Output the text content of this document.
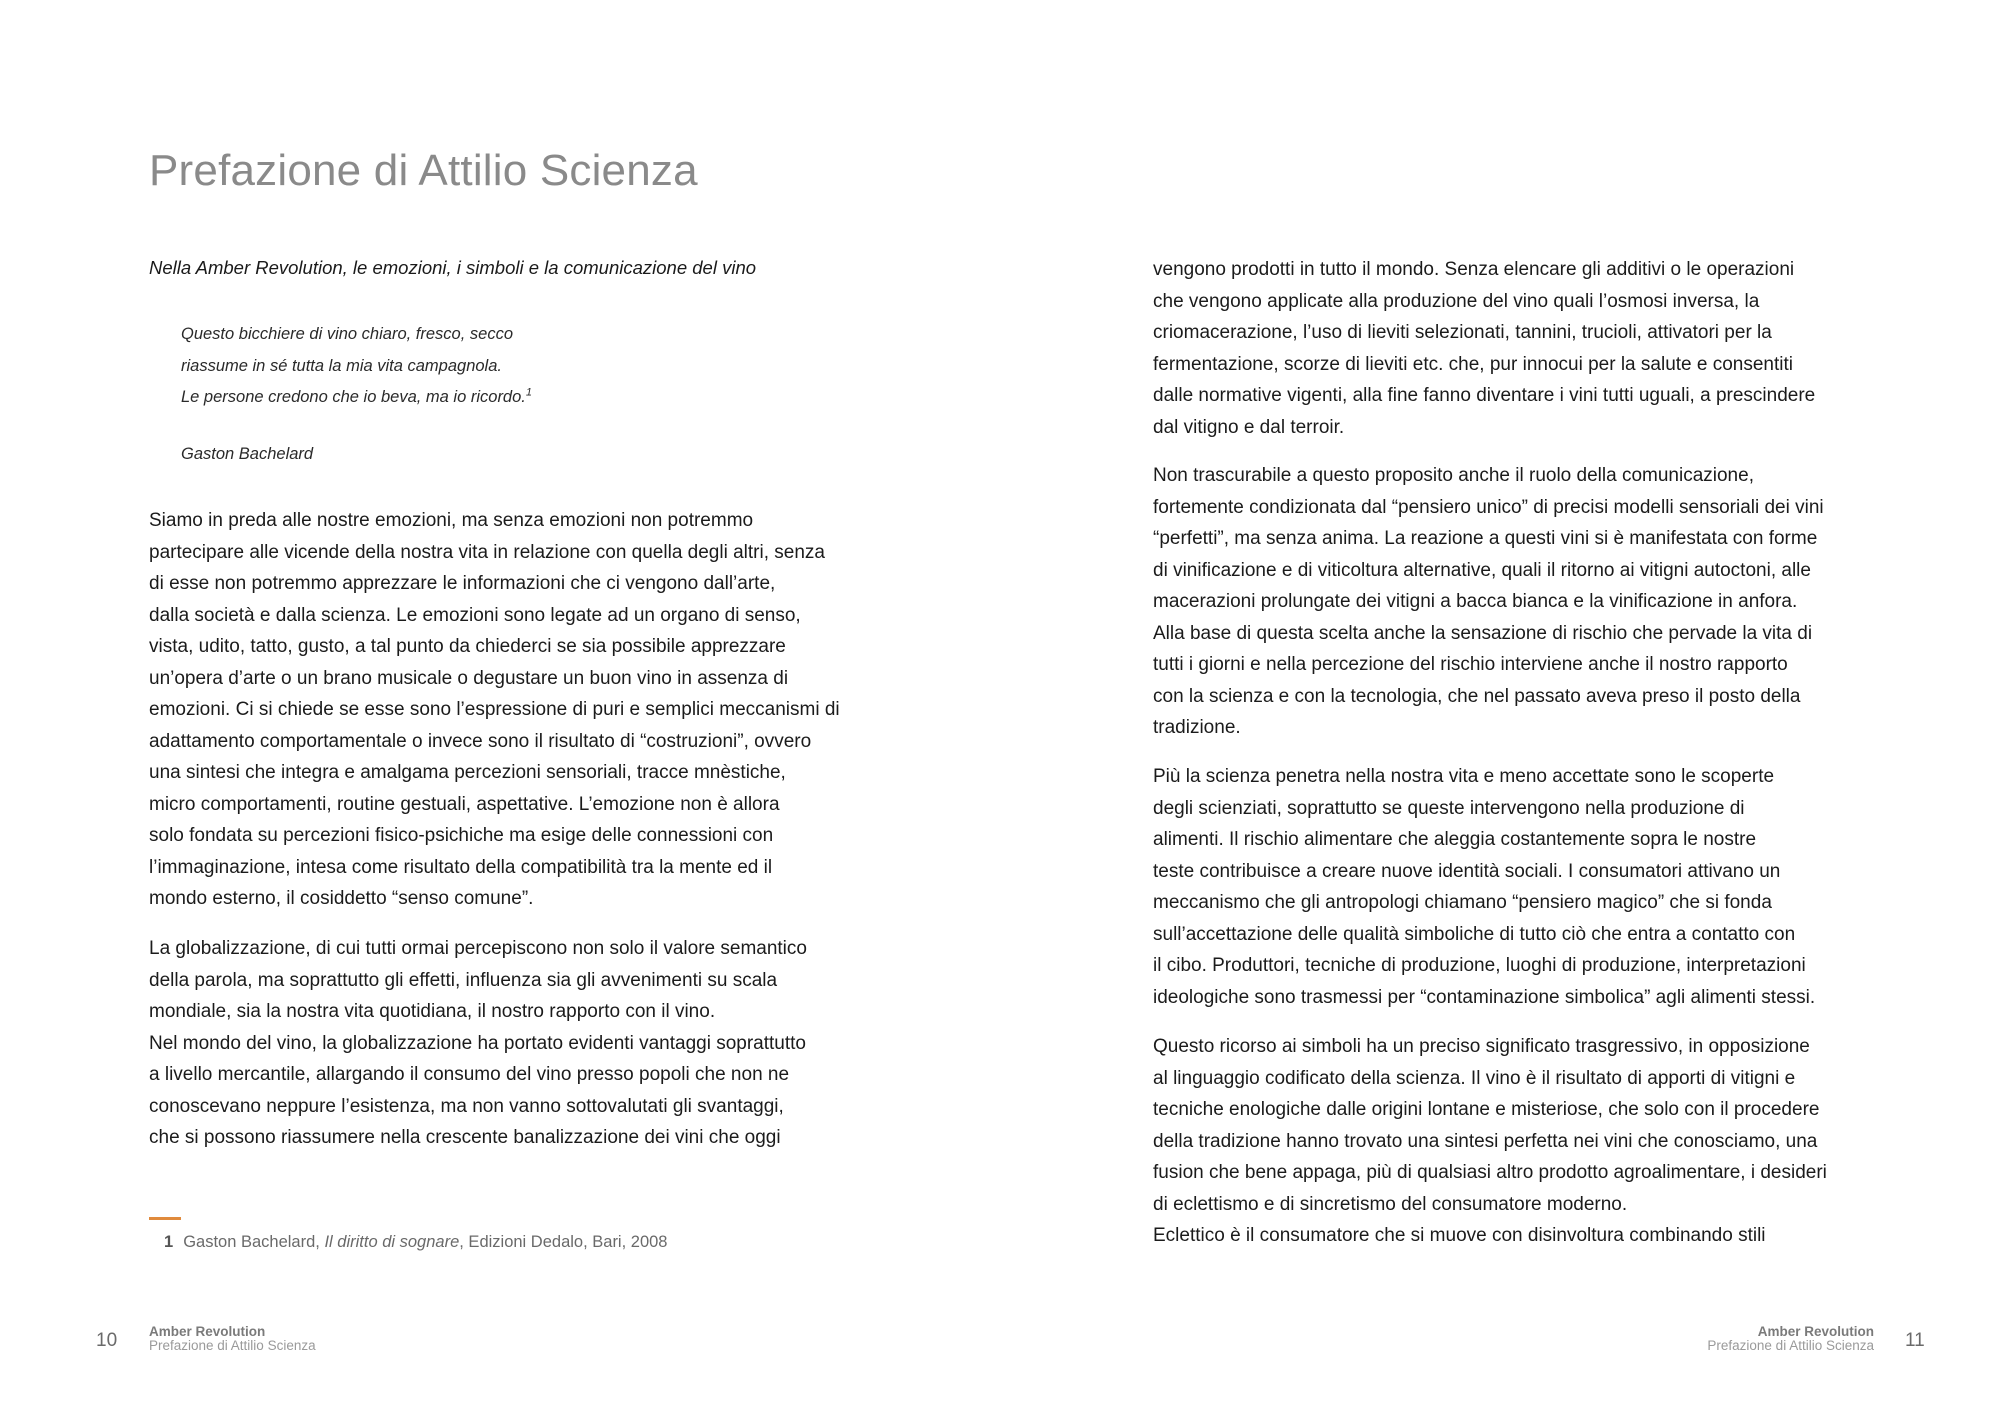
Prefazione di Attilio Scienza

Nella Amber Revolution, le emozioni, i simboli e la comunicazione del vino

Questo bicchiere di vino chiaro, fresco, secco
riassume in sé tutta la mia vita campagnola.
Le persone credono che io beva, ma io ricordo.$^1$

Gaston Bachelard

Siamo in preda alle nostre emozioni, ma senza emozioni non potremmo
partecipare alle vicende della nostra vita in relazione con quella degli altri, senza
di esse non potremmo apprezzare le informazioni che ci vengono dall’arte,
dalla società e dalla scienza. Le emozioni sono legate ad un organo di senso,
vista, udito, tatto, gusto, a tal punto da chiederci se sia possibile apprezzare
un’opera d’arte o un brano musicale o degustare un buon vino in assenza di
emozioni. Ci si chiede se esse sono l’espressione di puri e semplici meccanismi di
adattamento comportamentale o invece sono il risultato di “costruzioni”, ovvero
una sintesi che integra e amalgama percezioni sensoriali, tracce mnèstiche,
micro comportamenti, routine gestuali, aspettative. L’emozione non è allora
solo fondata su percezioni fisico-psichiche ma esige delle connessioni con
l’immaginazione, intesa come risultato della compatibilità tra la mente ed il
mondo esterno, il cosiddetto “senso comune”.
La globalizzazione, di cui tutti ormai percepiscono non solo il valore semantico
della parola, ma soprattutto gli effetti, influenza sia gli avvenimenti su scala
mondiale, sia la nostra vita quotidiana, il nostro rapporto con il vino.
Nel mondo del vino, la globalizzazione ha portato evidenti vantaggi soprattutto
a livello mercantile, allargando il consumo del vino presso popoli che non ne
conoscevano neppure l’esistenza, ma non vanno sottovalutati gli svantaggi,
che si possono riassumere nella crescente banalizzazione dei vini che oggi

1 Gaston Bachelard, Il diritto di sognare, Edizioni Dedalo, Bari, 2008

10 Amber Revolution
Prefazione di Attilio Scienza
vengono prodotti in tutto il mondo. Senza elencare gli additivi o le operazioni
che vengono applicate alla produzione del vino quali l’osmosi inversa, la
criomacerazione, l’uso di lieviti selezionati, tannini, trucioli, attivatori per la
fermentazione, scorze di lieviti etc. che, pur innocui per la salute e consentiti
dalle normative vigenti, alla fine fanno diventare i vini tutti uguali, a prescindere
dal vitigno e dal terroir.
Non trascurabile a questo proposito anche il ruolo della comunicazione,
fortemente condizionata dal “pensiero unico” di precisi modelli sensoriali dei vini
“perfetti”, ma senza anima. La reazione a questi vini si è manifestata con forme
di vinificazione e di viticoltura alternative, quali il ritorno ai vitigni autoctoni, alle
macerazioni prolungate dei vitigni a bacca bianca e la vinificazione in anfora.
Alla base di questa scelta anche la sensazione di rischio che pervade la vita di
tutti i giorni e nella percezione del rischio interviene anche il nostro rapporto
con la scienza e con la tecnologia, che nel passato aveva preso il posto della
tradizione.
Più la scienza penetra nella nostra vita e meno accettate sono le scoperte
degli scienziati, soprattutto se queste intervengono nella produzione di
alimenti. Il rischio alimentare che aleggia costantemente sopra le nostre
teste contribuisce a creare nuove identità sociali. I consumatori attivano un
meccanismo che gli antropologi chiamano “pensiero magico” che si fonda
sull’accettazione delle qualità simboliche di tutto ciò che entra a contatto con
il cibo. Produttori, tecniche di produzione, luoghi di produzione, interpretazioni
ideologiche sono trasmessi per “contaminazione simbolica” agli alimenti stessi.
Questo ricorso ai simboli ha un preciso significato trasgressivo, in opposizione
al linguaggio codificato della scienza. Il vino è il risultato di apporti di vitigni e
tecniche enologiche dalle origini lontane e misteriose, che solo con il procedere
della tradizione hanno trovato una sintesi perfetta nei vini che conosciamo, una
fusion che bene appaga, più di qualsiasi altro prodotto agroalimentare, i desideri
di eclettismo e di sincretismo del consumatore moderno.
Eclettico è il consumatore che si muove con disinvoltura combinando stili
Amber Revolution
Prefazione di Attilio Scienza 11
